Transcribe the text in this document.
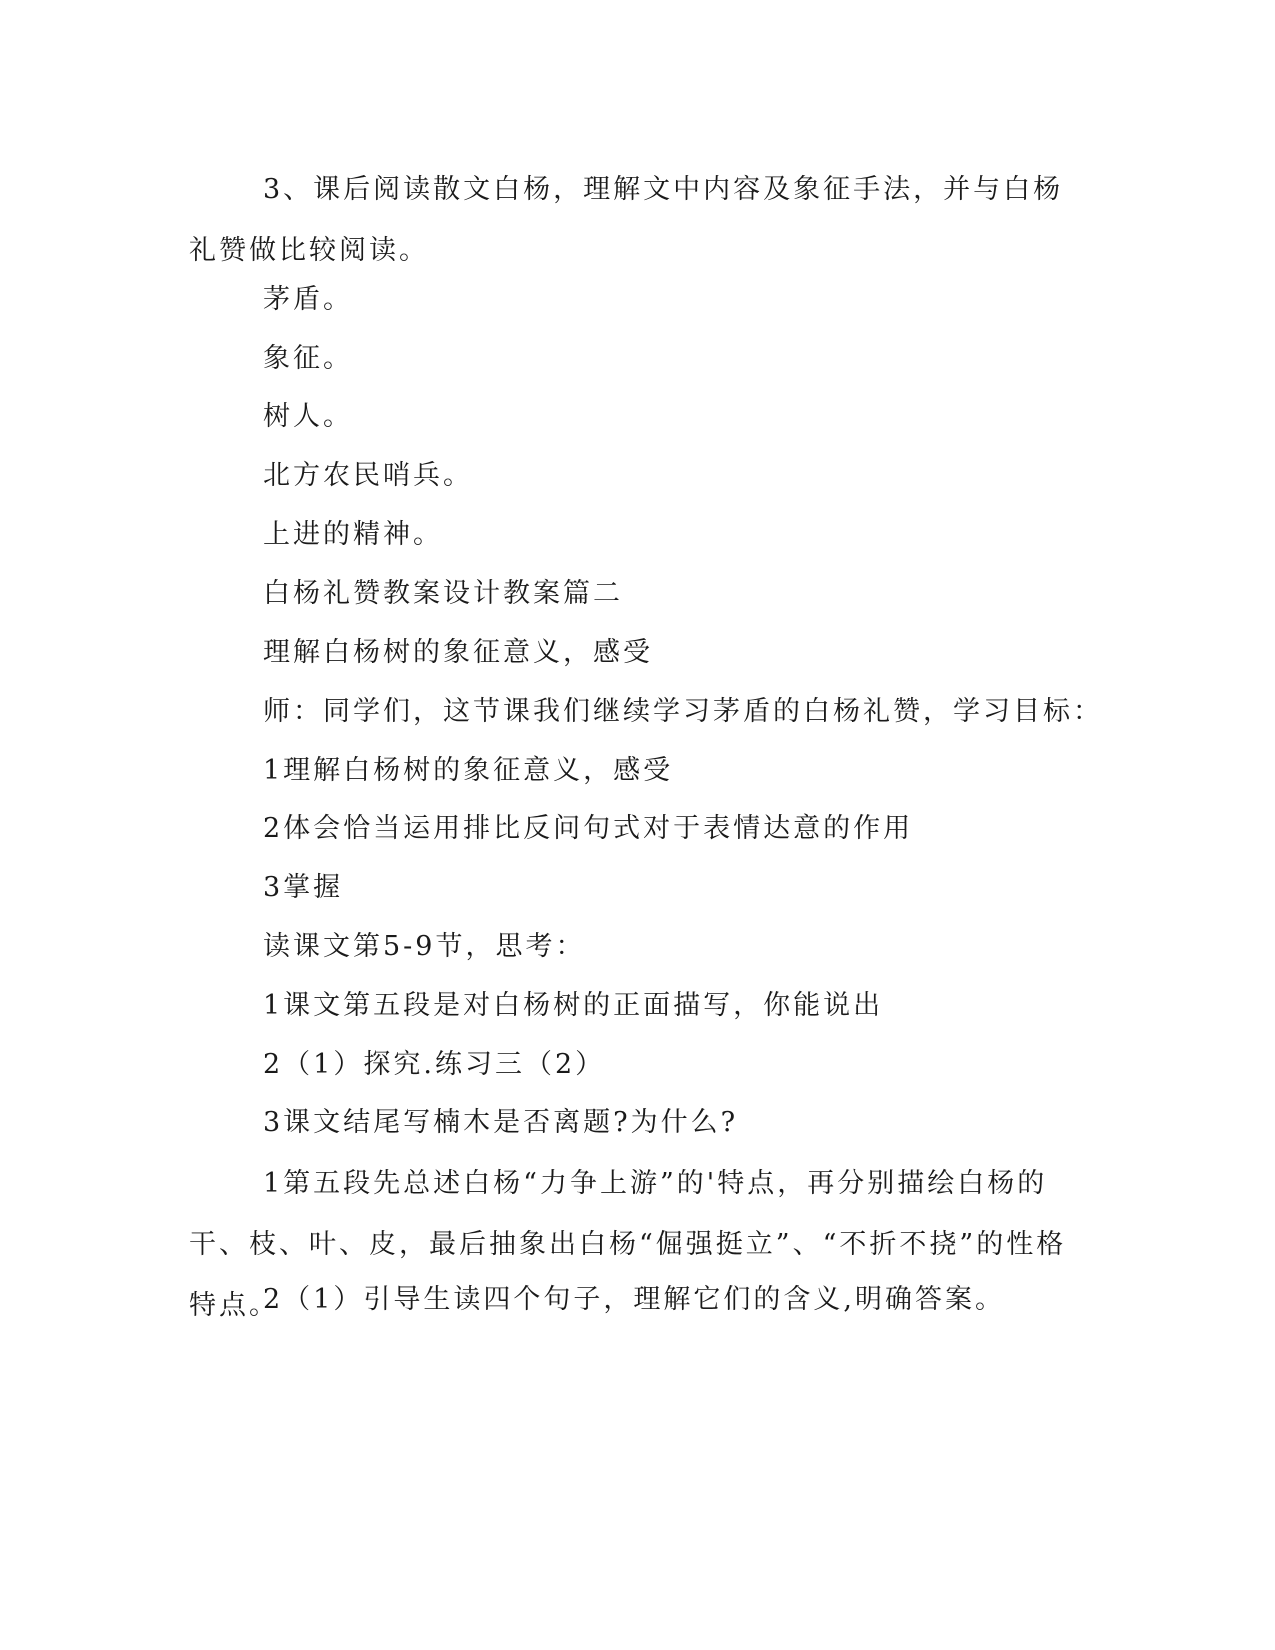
3、课后阅读散文白杨，理解文中内容及象征手法，并与白杨礼赞做比较阅读。

茅盾。

象征。

树人。

北方农民哨兵。

上进的精神。

白杨礼赞教案设计教案篇二

理解白杨树的象征意义，感受

师：同学们，这节课我们继续学习茅盾的白杨礼赞，学习目标：

1理解白杨树的象征意义，感受

2体会恰当运用排比反问句式对于表情达意的作用

3掌握

读课文第5-9节，思考：

1课文第五段是对白杨树的正面描写，你能说出

2（1）探究.练习三（2）

3课文结尾写楠木是否离题?为什么?

1第五段先总述白杨“力争上游”的'特点，再分别描绘白杨的干、枝、叶、皮，最后抽象出白杨“倔强挺立”、“不折不挠”的性格特点。

2（1）引导生读四个句子，理解它们的含义,明确答案。
